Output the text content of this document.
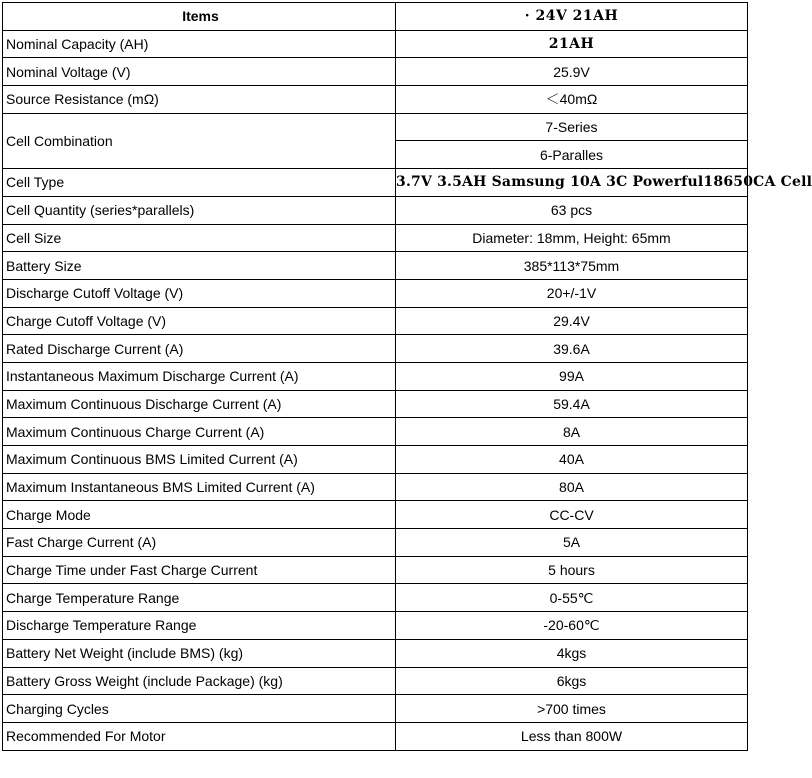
Items	· 24V 21AH
Nominal Capacity (AH)	21AH
Nominal Voltage (V)	25.9V
Source Resistance (mΩ)	＜40mΩ
Cell Combination	7-Series
	6-Paralles
Cell Type	3.7V 3.5AH Samsung 10A 3C Powerful18650CA Cell
Cell Quantity (series*parallels)	63 pcs
Cell Size	Diameter: 18mm, Height: 65mm
Battery Size	385*113*75mm
Discharge Cutoff Voltage (V)	20+/-1V
Charge Cutoff Voltage (V)	29.4V
Rated Discharge Current (A)	39.6A
Instantaneous Maximum Discharge Current (A)	99A
Maximum Continuous Discharge Current (A)	59.4A
Maximum Continuous Charge Current (A)	8A
Maximum Continuous BMS Limited Current (A)	40A
Maximum Instantaneous BMS Limited Current (A)	80A
Charge Mode	CC-CV
Fast Charge Current (A)	5A
Charge Time under Fast Charge Current	5 hours
Charge Temperature Range	0-55℃
Discharge Temperature Range	-20-60℃
Battery Net Weight (include BMS) (kg)	4kgs
Battery Gross Weight (include Package) (kg)	6kgs
Charging Cycles	>700 times
Recommended For Motor	Less than 800W
